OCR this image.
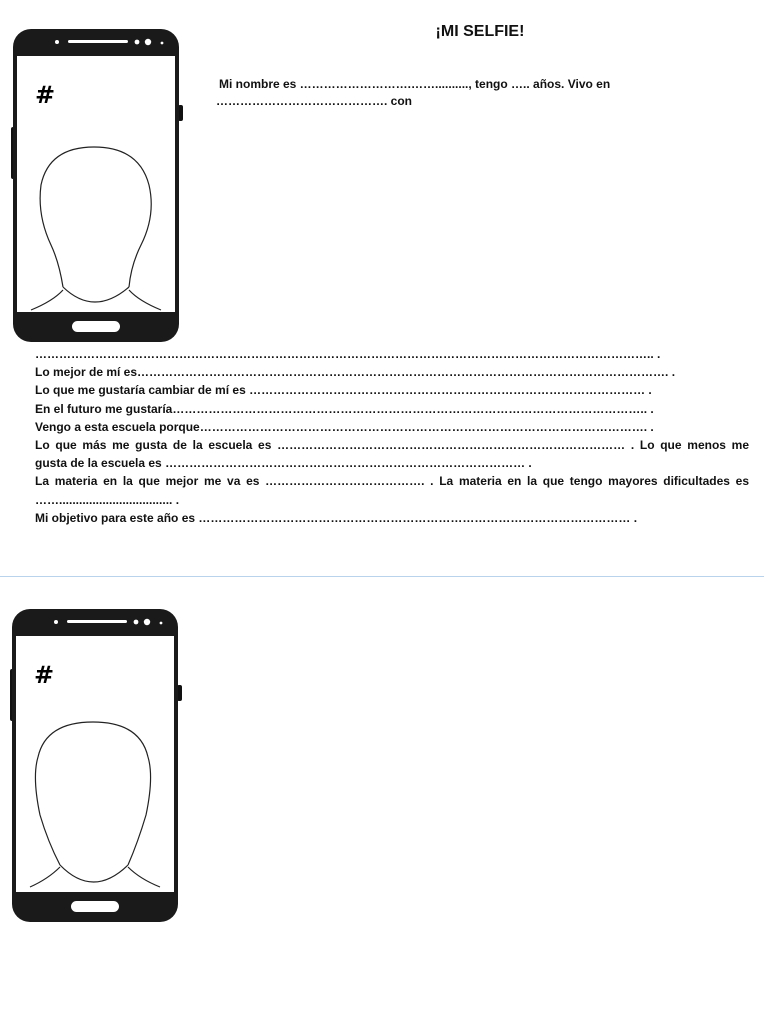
#
¡MI SELFIE!
Mi nombre es ……………………….…….........., tengo ….. años. Vivo en ……………………………………. con

……………………………………………………………………………………………………………………………………….. .

Lo mejor de mí es……………………………………………………………………………………………………………………. .

Lo que me gustaría cambiar de mí es ……………………………………………………………………………………… .

En el futuro me gustaría……………………………………………………………………………………………………….. .

Vengo a esta escuela porque…………………………………………………………………………………………………. .

Lo que más me gusta de la escuela es …………………………………………………………………………… . Lo que menos me gusta de la escuela es ……………………………………………………………………………… .

La materia en la que mejor me va es …………………………………. . La materia en la que tengo mayores dificultades es …….................................. .

Mi objetivo para este año es ……………………………………………………………………………………………… .

#
